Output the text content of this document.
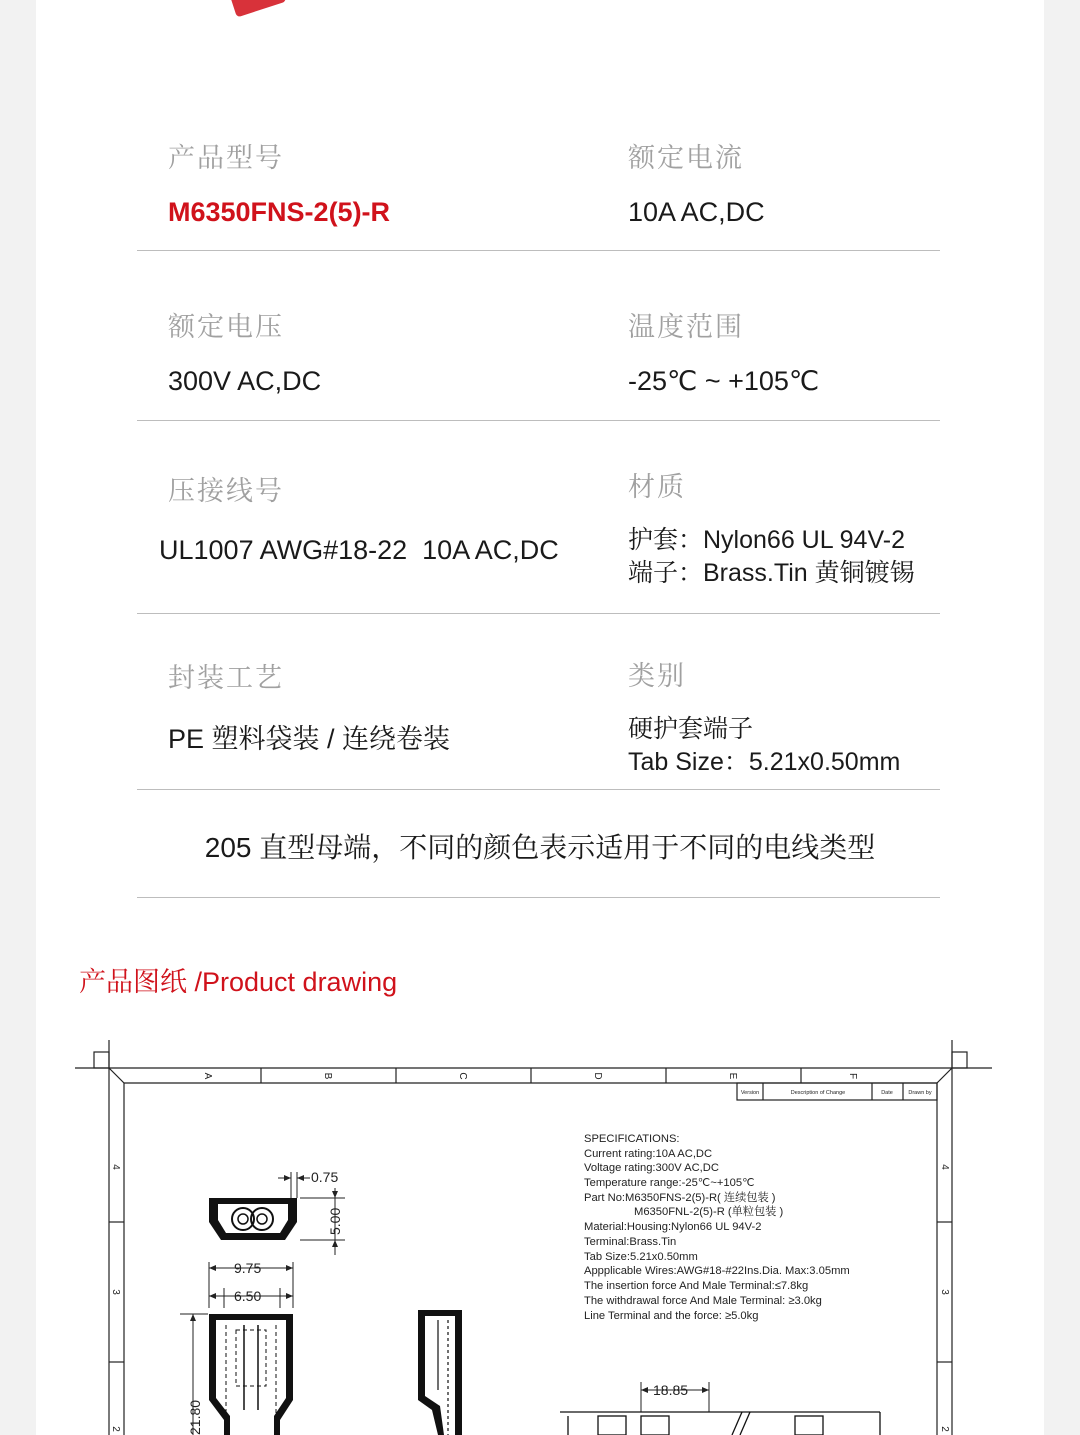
产品型号
M6350FNS-2(5)-R
额定电流
10A AC,DC
额定电压
300V AC,DC
温度范围
-25℃ ~ +105℃
压接线号
UL1007 AWG#18-22  10A AC,DC
材质
护套：Nylon66 UL 94V-2
端子：Brass.Tin 黄铜镀锡
封装工艺
PE 塑料袋装 / 连绕卷装
类别
硬护套端子
Tab Size：5.21x0.50mm
205 直型母端，不同的颜色表示适用于不同的电线类型
产品图纸 /Product drawing
A	B	C	D	E	F
4
3
2
4
3
2
Version	Description of Change	Date	Drawn by
SPECIFICATIONS:
Current rating:10A AC,DC
Voltage rating:300V AC,DC
Temperature range:-25℃~+105℃
Part No:M6350FNS-2(5)-R( 连续包装 )
M6350FNL-2(5)-R (单粒包装 )
Material:Housing:Nylon66 UL 94V-2
Terminal:Brass.Tin
Tab Size:5.21x0.50mm
Appplicable Wires:AWG#18-#22Ins.Dia. Max:3.05mm
The insertion force And Male Terminal:≤7.8kg
The withdrawal force And Male Terminal: ≥3.0kg
Line Terminal and the force: ≥5.0kg
0.75
5.00
9.75
6.50
21.80
18.85
